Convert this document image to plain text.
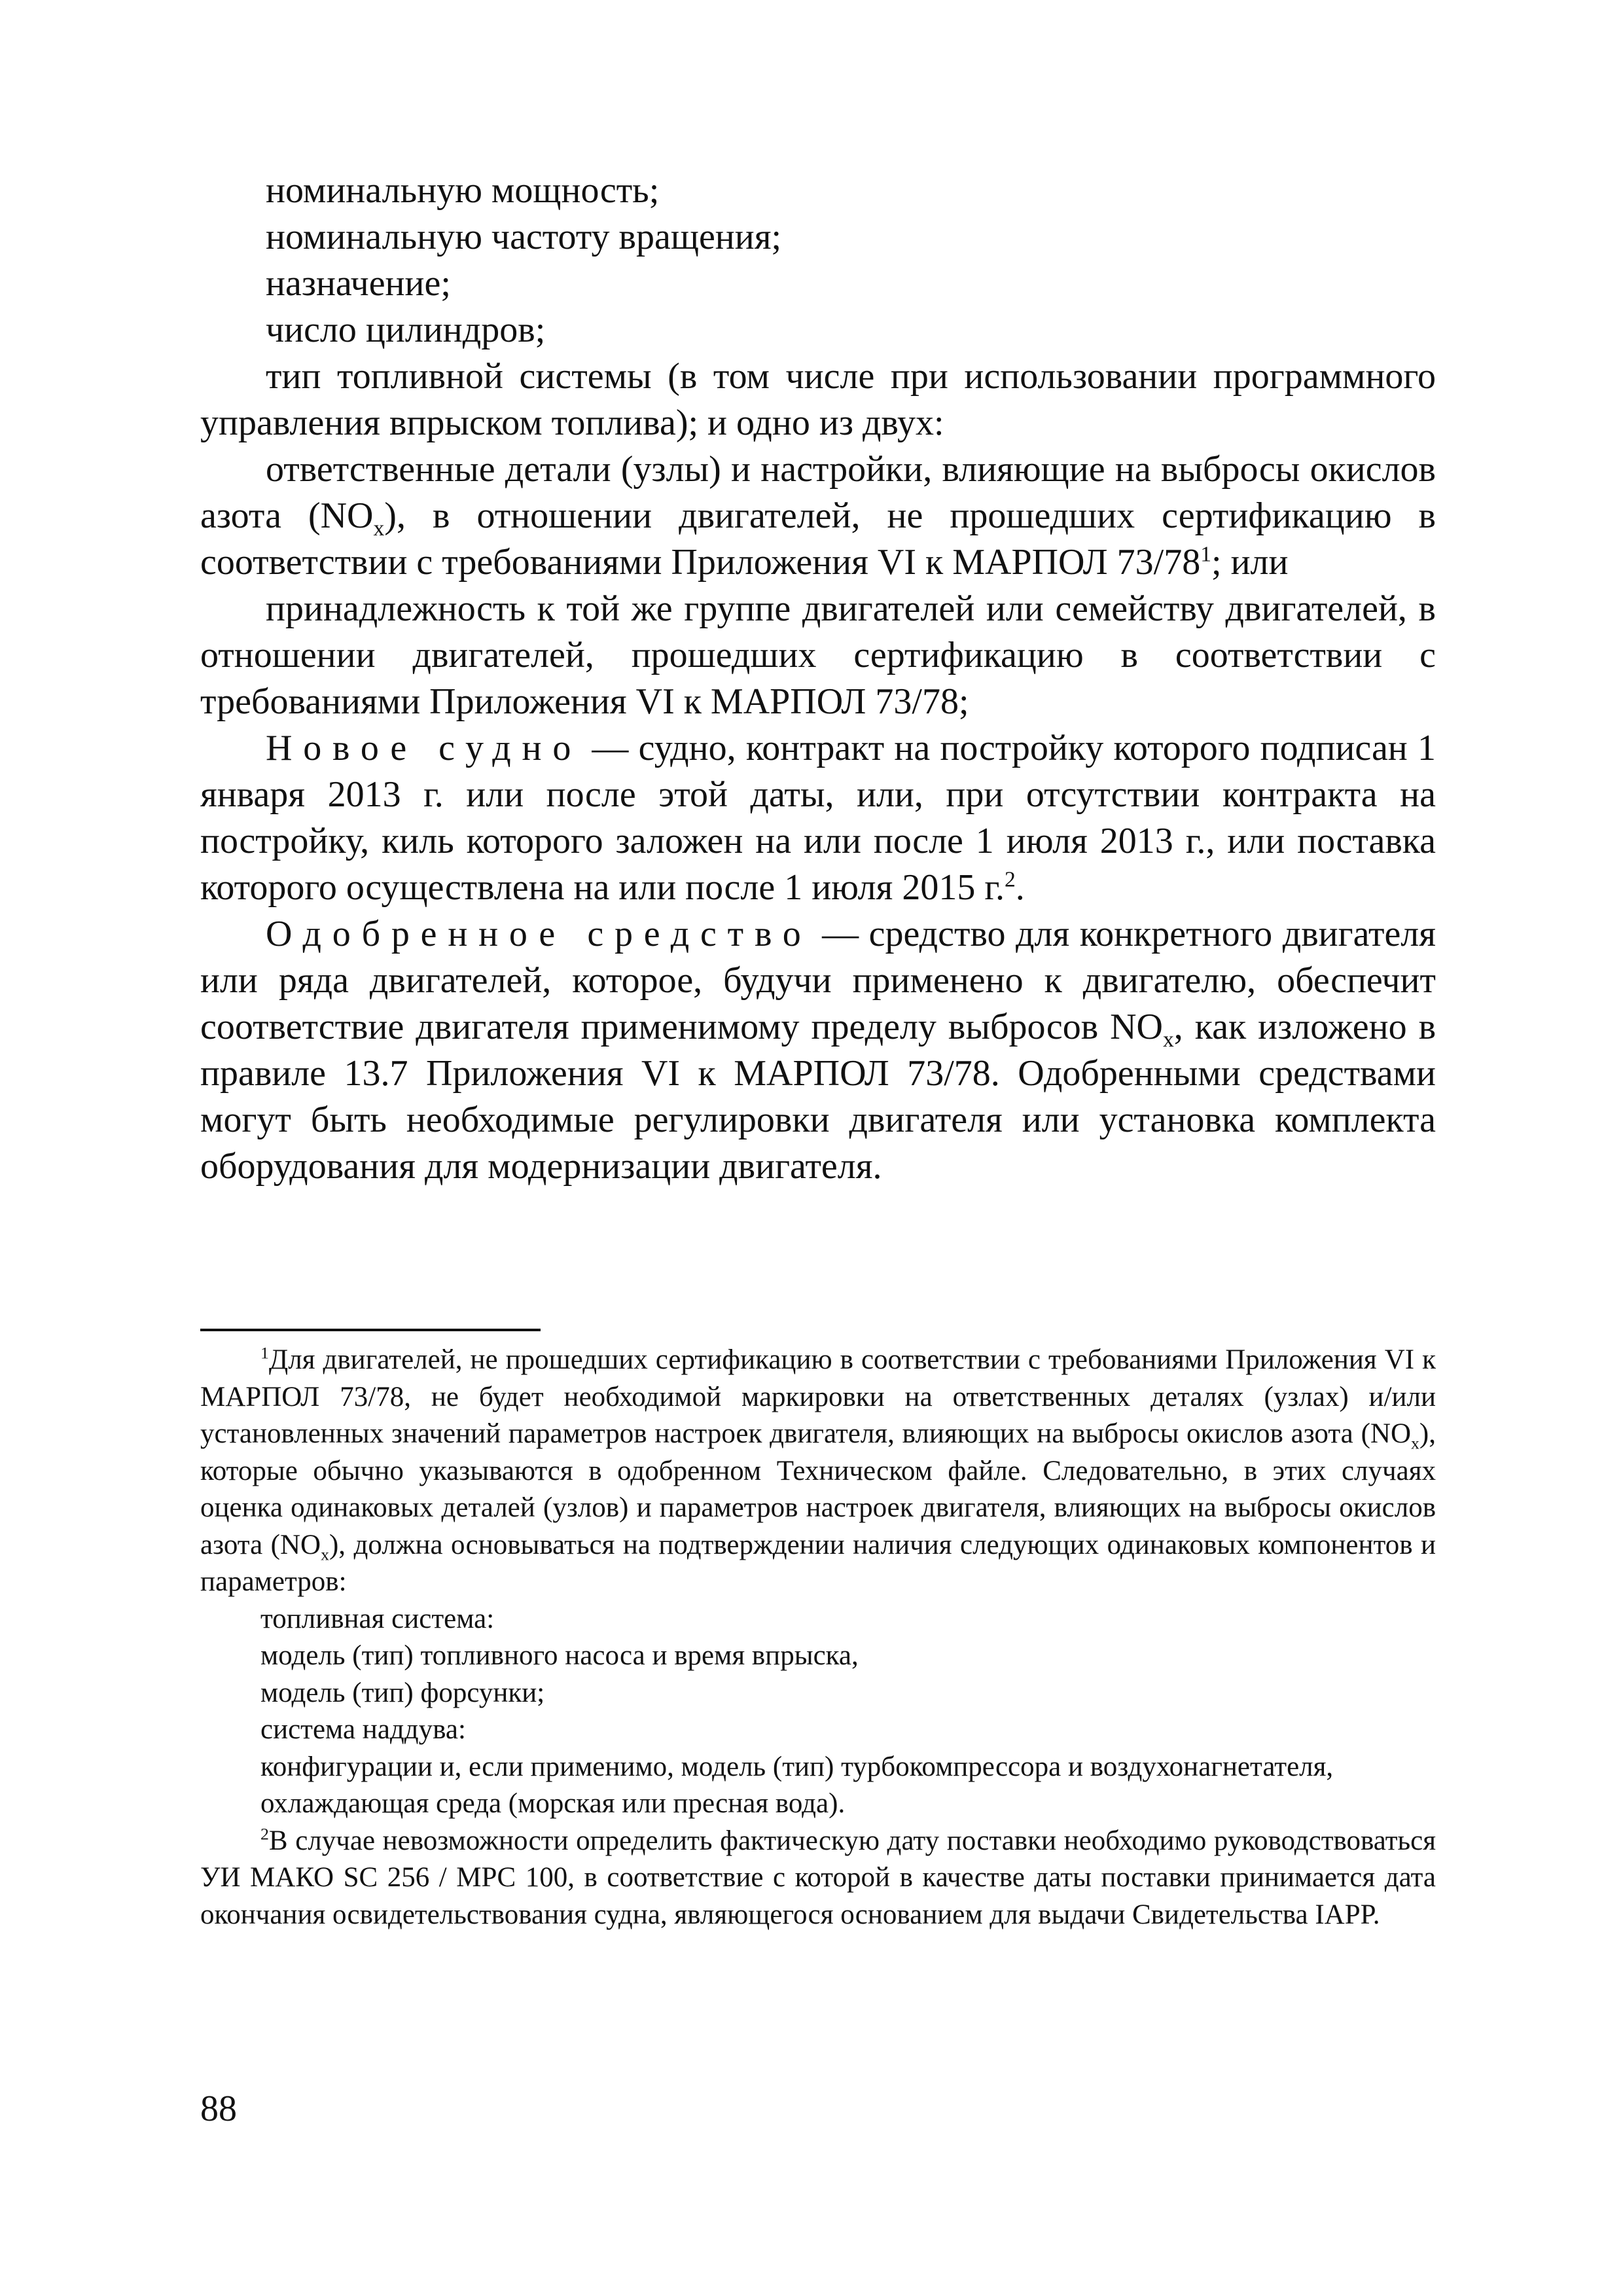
номинальную мощность;

номинальную частоту вращения;

назначение;

число цилиндров;

тип топливной системы (в том числе при использовании программного управления впрыском топлива); и одно из двух:

ответственные детали (узлы) и настройки, влияющие на выбросы окислов азота $(NO_x)$, в отношении двигателей, не прошедших сертификацию в соответствии с требованиями Приложения VI к МАРПОЛ $73/78^1$; или

принадлежность к той же группе двигателей или семейству двигателей, в отношении двигателей, прошедших сертификацию в соответствии с требованиями Приложения VI к МАРПОЛ 73/78;

Новое судно — судно, контракт на постройку которого подписан 1 января 2013 г. или после этой даты, или, при отсутствии контракта на постройку, киль которого заложен на или после 1 июля 2013 г., или поставка которого осуществлена на или после 1 июля 2015 г.$^2$.

Одобренное средство — средство для конкретного двигателя или ряда двигателей, которое, будучи применено к двигателю, обеспечит соответствие двигателя применимому пределу выбросов $NO_x$, как изложено в правиле 13.7 Приложения VI к МАРПОЛ 73/78. Одобренными средствами могут быть необходимые регулировки двигателя или установка комплекта оборудования для модернизации двигателя.

$^1$Для двигателей, не прошедших сертификацию в соответствии с требованиями Приложения VI к МАРПОЛ 73/78, не будет необходимой маркировки на ответственных деталях (узлах) и/или установленных значений параметров настроек двигателя, влияющих на выбросы окислов азота $(NO_x)$, которые обычно указываются в одобренном Техническом файле. Следовательно, в этих случаях оценка одинаковых деталей (узлов) и параметров настроек двигателя, влияющих на выбросы окислов азота $(NO_x)$, должна основываться на подтверждении наличия следующих одинаковых компонентов и параметров:

топливная система:

модель (тип) топливного насоса и время впрыска,

модель (тип) форсунки;

система наддува:

конфигурации и, если применимо, модель (тип) турбокомпрессора и воздухонагнетателя,

охлаждающая среда (морская или пресная вода).

$^2$В случае невозможности определить фактическую дату поставки необходимо руководствоваться УИ МАКО SC 256 / MPC 100, в соответствие с которой в качестве даты поставки принимается дата окончания освидетельствования судна, являющегося основанием для выдачи Свидетельства IAPP.

88
